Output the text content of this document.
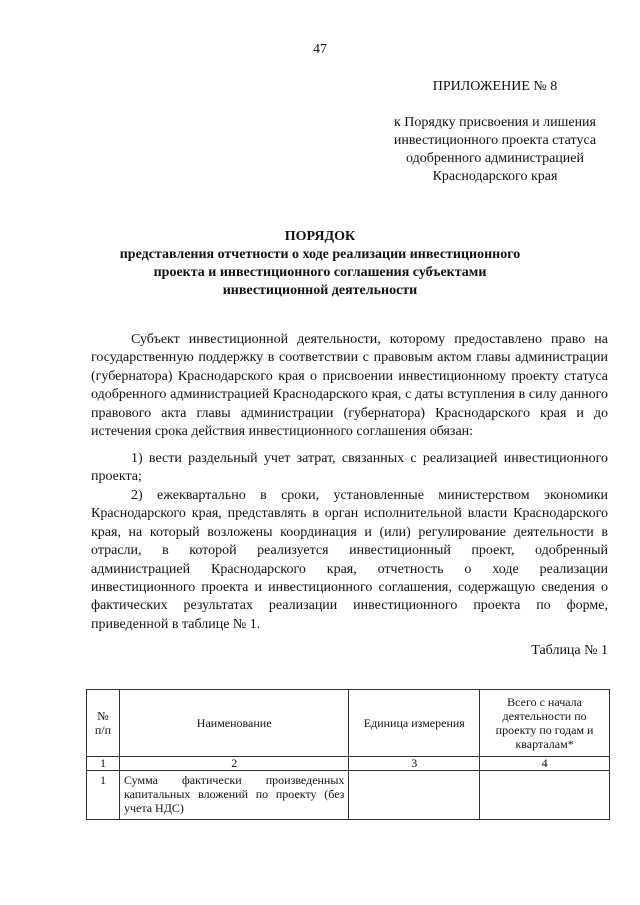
47
ПРИЛОЖЕНИЕ № 8
к Порядку присвоения и лишения
инвестиционного проекта статуса
одобренного администрацией
Краснодарского края
ПОРЯДОК
представления отчетности о ходе реализации инвестиционного
проекта и инвестиционного соглашения субъектами
инвестиционной деятельности

Субъект инвестиционной деятельности, которому предоставлено право на государственную поддержку в соответствии с правовым актом главы администрации (губернатора) Краснодарского края о присвоении инвестиционному проекту статуса одобренного администрацией Краснодарского края, с даты вступления в силу данного правового акта главы администрации (губернатора) Краснодарского края и до истечения срока действия инвестиционного соглашения обязан:

1) вести раздельный учет затрат, связанных с реализацией инвестиционного проекта;

2) ежеквартально в сроки, установленные министерством экономики Краснодарского края, представлять в орган исполнительной власти Краснодарского края, на который возложены координация и (или) регулирование деятельности в отрасли, в которой реализуется инвестиционный проект, одобренный администрацией Краснодарского края, отчетность о ходе реализации инвестиционного проекта и инвестиционного соглашения, содержащую сведения о фактических результатах реализации инвестиционного проекта по форме, приведенной в таблице № 1.

Таблица № 1
№ п/п	Наименование	Единица измерения	Всего с начала деятельности по проекту по годам и кварталам*
1	2	3	4
1	Сумма фактически произведенных капитальных вложений по проекту (без учета НДС)		
